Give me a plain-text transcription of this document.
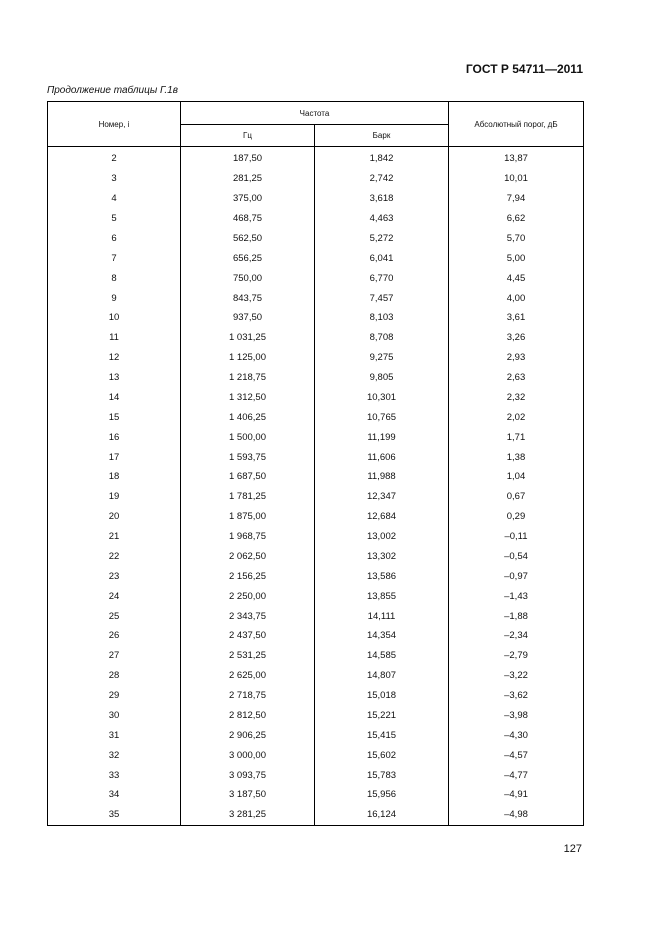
ГОСТ Р 54711—2011
Продолжение таблицы Г.1в
Номер, i	Частота		Абсолютный порог, дБ
	Гц	Барк	
2	187,50	1,842	13,87
3	281,25	2,742	10,01
4	375,00	3,618	7,94
5	468,75	4,463	6,62
6	562,50	5,272	5,70
7	656,25	6,041	5,00
8	750,00	6,770	4,45
9	843,75	7,457	4,00
10	937,50	8,103	3,61
11	1 031,25	8,708	3,26
12	1 125,00	9,275	2,93
13	1 218,75	9,805	2,63
14	1 312,50	10,301	2,32
15	1 406,25	10,765	2,02
16	1 500,00	11,199	1,71
17	1 593,75	11,606	1,38
18	1 687,50	11,988	1,04
19	1 781,25	12,347	0,67
20	1 875,00	12,684	0,29
21	1 968,75	13,002	–0,11
22	2 062,50	13,302	–0,54
23	2 156,25	13,586	–0,97
24	2 250,00	13,855	–1,43
25	2 343,75	14,111	–1,88
26	2 437,50	14,354	–2,34
27	2 531,25	14,585	–2,79
28	2 625,00	14,807	–3,22
29	2 718,75	15,018	–3,62
30	2 812,50	15,221	–3,98
31	2 906,25	15,415	–4,30
32	3 000,00	15,602	–4,57
33	3 093,75	15,783	–4,77
34	3 187,50	15,956	–4,91
35	3 281,25	16,124	–4,98
127
